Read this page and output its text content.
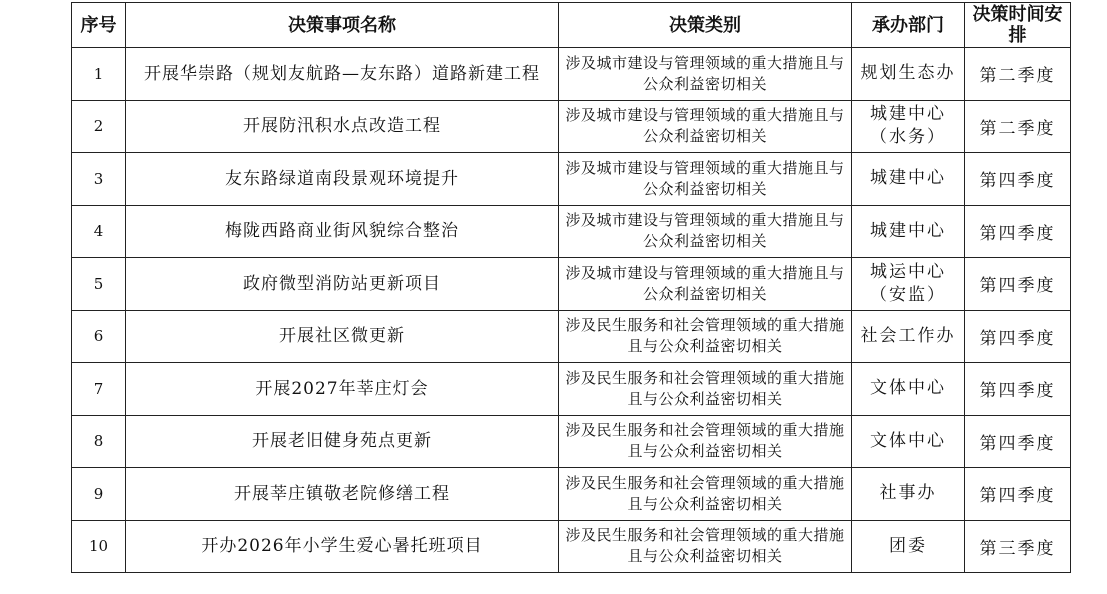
序号	决策事项名称	决策类别	承办部门	决策时间安排
1	开展华崇路（规划友航路—友东路）道路新建工程	涉及城市建设与管理领域的重大措施且与公众利益密切相关	规划生态办	第二季度
2	开展防汛积水点改造工程	涉及城市建设与管理领域的重大措施且与公众利益密切相关	城建中心（水务）	第二季度
3	友东路绿道南段景观环境提升	涉及城市建设与管理领域的重大措施且与公众利益密切相关	城建中心	第四季度
4	梅陇西路商业街风貌综合整治	涉及城市建设与管理领域的重大措施且与公众利益密切相关	城建中心	第四季度
5	政府微型消防站更新项目	涉及城市建设与管理领域的重大措施且与公众利益密切相关	城运中心（安监）	第四季度
6	开展社区微更新	涉及民生服务和社会管理领域的重大措施且与公众利益密切相关	社会工作办	第四季度
7	开展2027年莘庄灯会	涉及民生服务和社会管理领域的重大措施且与公众利益密切相关	文体中心	第四季度
8	开展老旧健身苑点更新	涉及民生服务和社会管理领域的重大措施且与公众利益密切相关	文体中心	第四季度
9	开展莘庄镇敬老院修缮工程	涉及民生服务和社会管理领域的重大措施且与公众利益密切相关	社事办	第四季度
10	开办2026年小学生爱心暑托班项目	涉及民生服务和社会管理领域的重大措施且与公众利益密切相关	团委	第三季度
